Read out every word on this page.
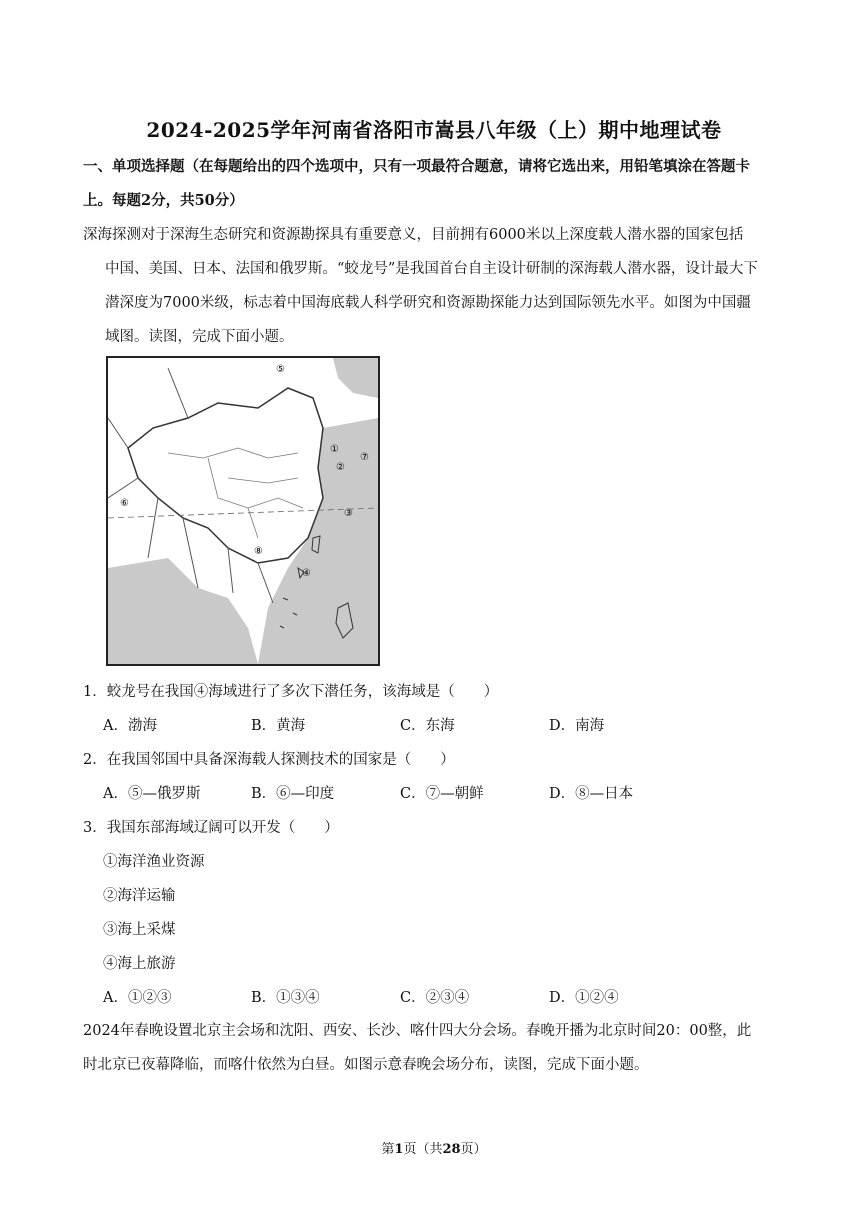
2024-2025学年河南省洛阳市嵩县八年级（上）期中地理试卷
一、单项选择题（在每题给出的四个选项中，只有一项最符合题意，请将它选出来，用铅笔填涂在答题卡
上。每题2分，共50分）
深海探测对于深海生态研究和资源勘探具有重要意义，目前拥有6000米以上深度载人潜水器的国家包括
中国、美国、日本、法国和俄罗斯。“蛟龙号”是我国首台自主设计研制的深海载人潜水器，设计最大下
潜深度为7000米级，标志着中国海底载人科学研究和资源勘探能力达到国际领先水平。如图为中国疆
域图。读图，完成下面小题。
⑤
⑥
⑦
①
②
③
④
⑧
1．蛟龙号在我国④海域进行了多次下潜任务，该海域是（　　）
A．渤海	B．黄海	C．东海	D．南海
2．在我国邻国中具备深海载人探测技术的国家是（　　）
A．⑤—俄罗斯	B．⑥—印度	C．⑦—朝鲜	D．⑧—日本
3．我国东部海域辽阔可以开发（　　）
①海洋渔业资源
②海洋运输
③海上采煤
④海上旅游
A．①②③	B．①③④	C．②③④	D．①②④
2024年春晚设置北京主会场和沈阳、西安、长沙、喀什四大分会场。春晚开播为北京时间20：00整，此
时北京已夜幕降临，而喀什依然为白昼。如图示意春晚会场分布，读图，完成下面小题。
第1页（共28页）
